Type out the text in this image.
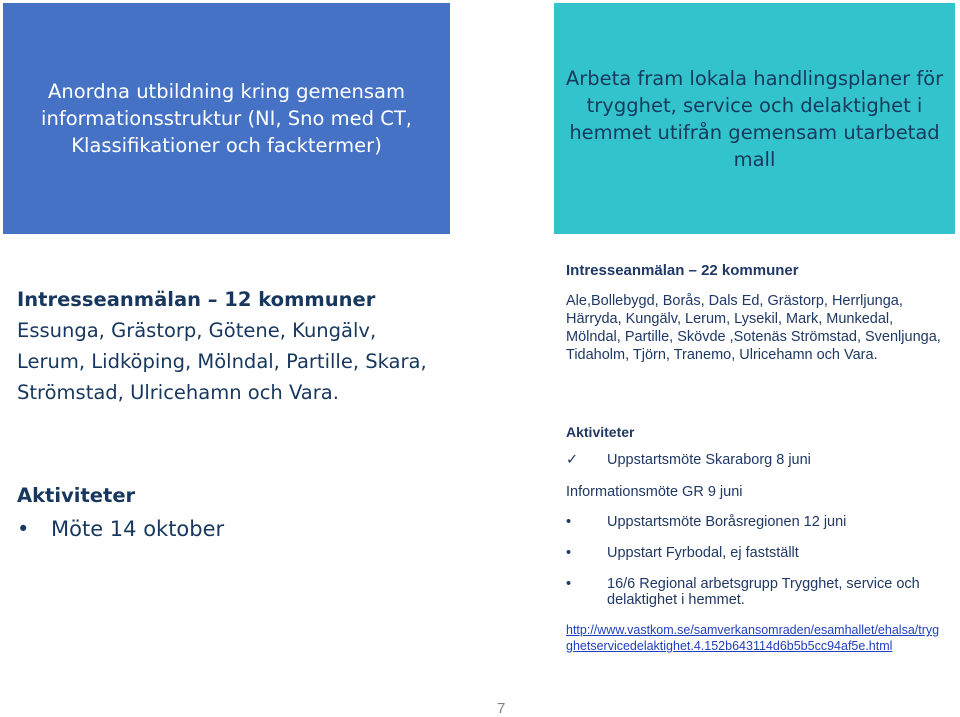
Anordna utbildning kring gemensam informationsstruktur (NI, Sno med CT, Klassifikationer och facktermer)
Arbeta fram lokala handlingsplaner för trygghet, service och delaktighet i hemmet utifrån gemensam utarbetad mall
Intresseanmälan – 12 kommuner
Essunga, Grästorp, Götene, Kungälv, Lerum, Lidköping, Mölndal, Partille, Skara, Strömstad, Ulricehamn och Vara.
Aktiviteter
• Möte 14 oktober
Intresseanmälan – 22 kommuner
Ale,Bollebygd, Borås, Dals Ed, Grästorp, Herrljunga, Härryda, Kungälv, Lerum, Lysekil, Mark, Munkedal, Mölndal, Partille, Skövde ,Sotenäs Strömstad, Svenljunga, Tidaholm, Tjörn, Tranemo, Ulricehamn och Vara.
Aktiviteter
✓ Uppstartsmöte Skaraborg 8 juni
Informationsmöte GR 9 juni
• Uppstartsmöte Boråsregionen 12 juni
• Uppstart Fyrbodal, ej fastställt
• 16/6 Regional arbetsgrupp Trygghet, service och delaktighet i hemmet.
http://www.vastkom.se/samverkansomraden/esamhallet/ehalsa/trygghetservicedelaktighet.4.152b643114d6b5b5cc94af5e.html
7
